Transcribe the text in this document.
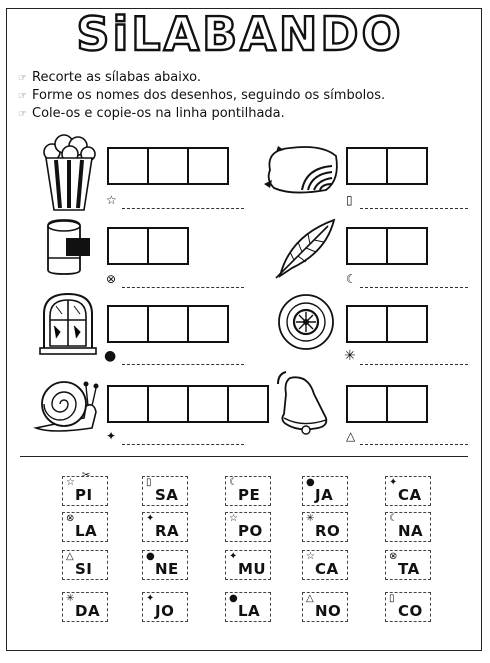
SiLABANDO
☞ Recorte as sílabas abaixo.
☞ Forme os nomes dos desenhos, seguindo os símbolos.
☞ Cole-os e copie-os na linha pontilhada.
☆	▯
⊗	☾
●	✳
✦	△
☆
PI
▯
SA
☾
PE
●
JA
✦
CA
⊗
LA
✦
RA
☆
PO
✳
RO
☾
NA
△
SI
●
NE
✦
MU
☆
CA
⊗
TA
✳
DA
✦
JO
●
LA
△
NO
▯
CO
✂
